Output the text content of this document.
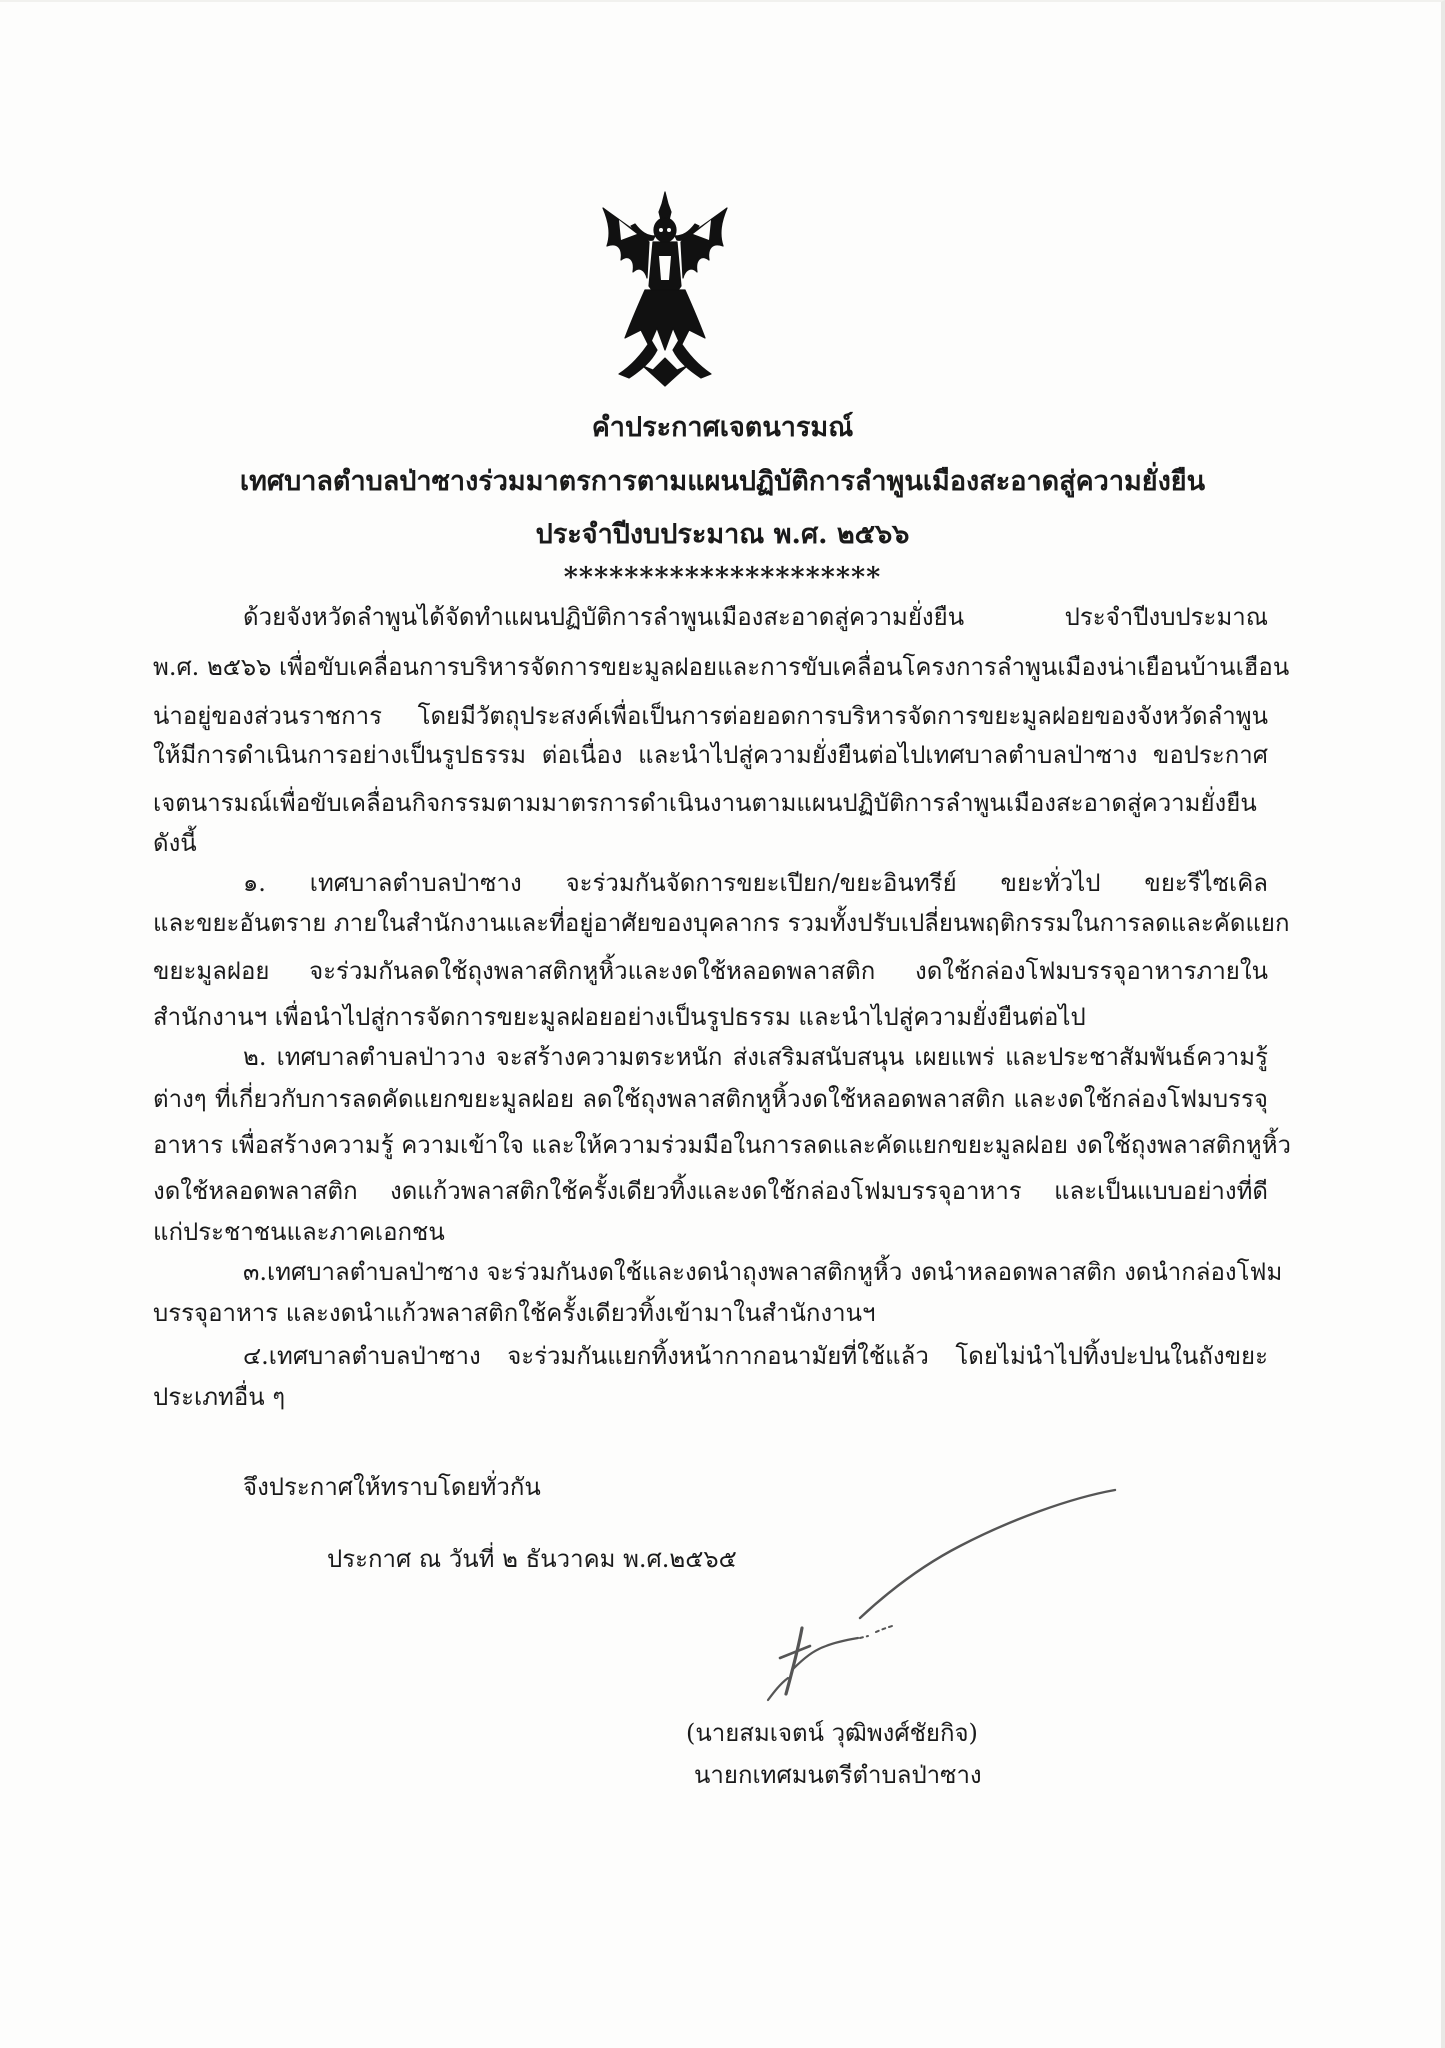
คำประกาศเจตนารมณ์
เทศบาลตำบลป่าซางร่วมมาตรการตามแผนปฏิบัติการลำพูนเมืองสะอาดสู่ความยั่งยืน
ประจำปีงบประมาณ พ.ศ. ๒๕๖๖
*********************
ด้วยจังหวัดลำพูนได้จัดทำแผนปฏิบัติการลำพูนเมืองสะอาดสู่ความยั่งยืน ประจำปีงบประมาณ
พ.ศ. ๒๕๖๖ เพื่อขับเคลื่อนการบริหารจัดการขยะมูลฝอยและการขับเคลื่อนโครงการลำพูนเมืองน่าเยือนบ้านเฮือน
น่าอยู่ของส่วนราชการ โดยมีวัตถุประสงค์เพื่อเป็นการต่อยอดการบริหารจัดการขยะมูลฝอยของจังหวัดลำพูน
ให้มีการดำเนินการอย่างเป็นรูปธรรม ต่อเนื่อง และนำไปสู่ความยั่งยืนต่อไปเทศบาลตำบลป่าซาง ขอประกาศ
เจตนารมณ์เพื่อขับเคลื่อนกิจกรรมตามมาตรการดำเนินงานตามแผนปฏิบัติการลำพูนเมืองสะอาดสู่ความยั่งยืน
ดังนี้
๑. เทศบาลตำบลป่าซาง จะร่วมกันจัดการขยะเปียก/ขยะอินทรีย์ ขยะทั่วไป ขยะรีไซเคิล
และขยะอันตราย ภายในสำนักงานและที่อยู่อาศัยของบุคลากร รวมทั้งปรับเปลี่ยนพฤติกรรมในการลดและคัดแยก
ขยะมูลฝอย จะร่วมกันลดใช้ถุงพลาสติกหูหิ้วและงดใช้หลอดพลาสติก งดใช้กล่องโฟมบรรจุอาหารภายใน
สำนักงานฯ เพื่อนำไปสู่การจัดการขยะมูลฝอยอย่างเป็นรูปธรรม และนำไปสู่ความยั่งยืนต่อไป
๒. เทศบาลตำบลป่าวาง จะสร้างความตระหนัก ส่งเสริมสนับสนุน เผยแพร่ และประชาสัมพันธ์ความรู้
ต่างๆ ที่เกี่ยวกับการลดคัดแยกขยะมูลฝอย ลดใช้ถุงพลาสติกหูหิ้วงดใช้หลอดพลาสติก และงดใช้กล่องโฟมบรรจุ
อาหาร เพื่อสร้างความรู้ ความเข้าใจ และให้ความร่วมมือในการลดและคัดแยกขยะมูลฝอย งดใช้ถุงพลาสติกหูหิ้ว
งดใช้หลอดพลาสติก งดแก้วพลาสติกใช้ครั้งเดียวทิ้งและงดใช้กล่องโฟมบรรจุอาหาร และเป็นแบบอย่างที่ดี
แก่ประชาชนและภาคเอกชน
๓.เทศบาลตำบลป่าซาง จะร่วมกันงดใช้และงดนำถุงพลาสติกหูหิ้ว งดนำหลอดพลาสติก งดนำกล่องโฟม
บรรจุอาหาร และงดนำแก้วพลาสติกใช้ครั้งเดียวทิ้งเข้ามาในสำนักงานฯ
๔.เทศบาลตำบลป่าซาง จะร่วมกันแยกทิ้งหน้ากากอนามัยที่ใช้แล้ว โดยไม่นำไปทิ้งปะปนในถังขยะ
ประเภทอื่น ๆ
จึงประกาศให้ทราบโดยทั่วกัน
ประกาศ ณ วันที่ ๒ ธันวาคม พ.ศ.๒๕๖๕
(นายสมเจตน์ วุฒิพงศ์ชัยกิจ)
นายกเทศมนตรีตำบลป่าซาง
